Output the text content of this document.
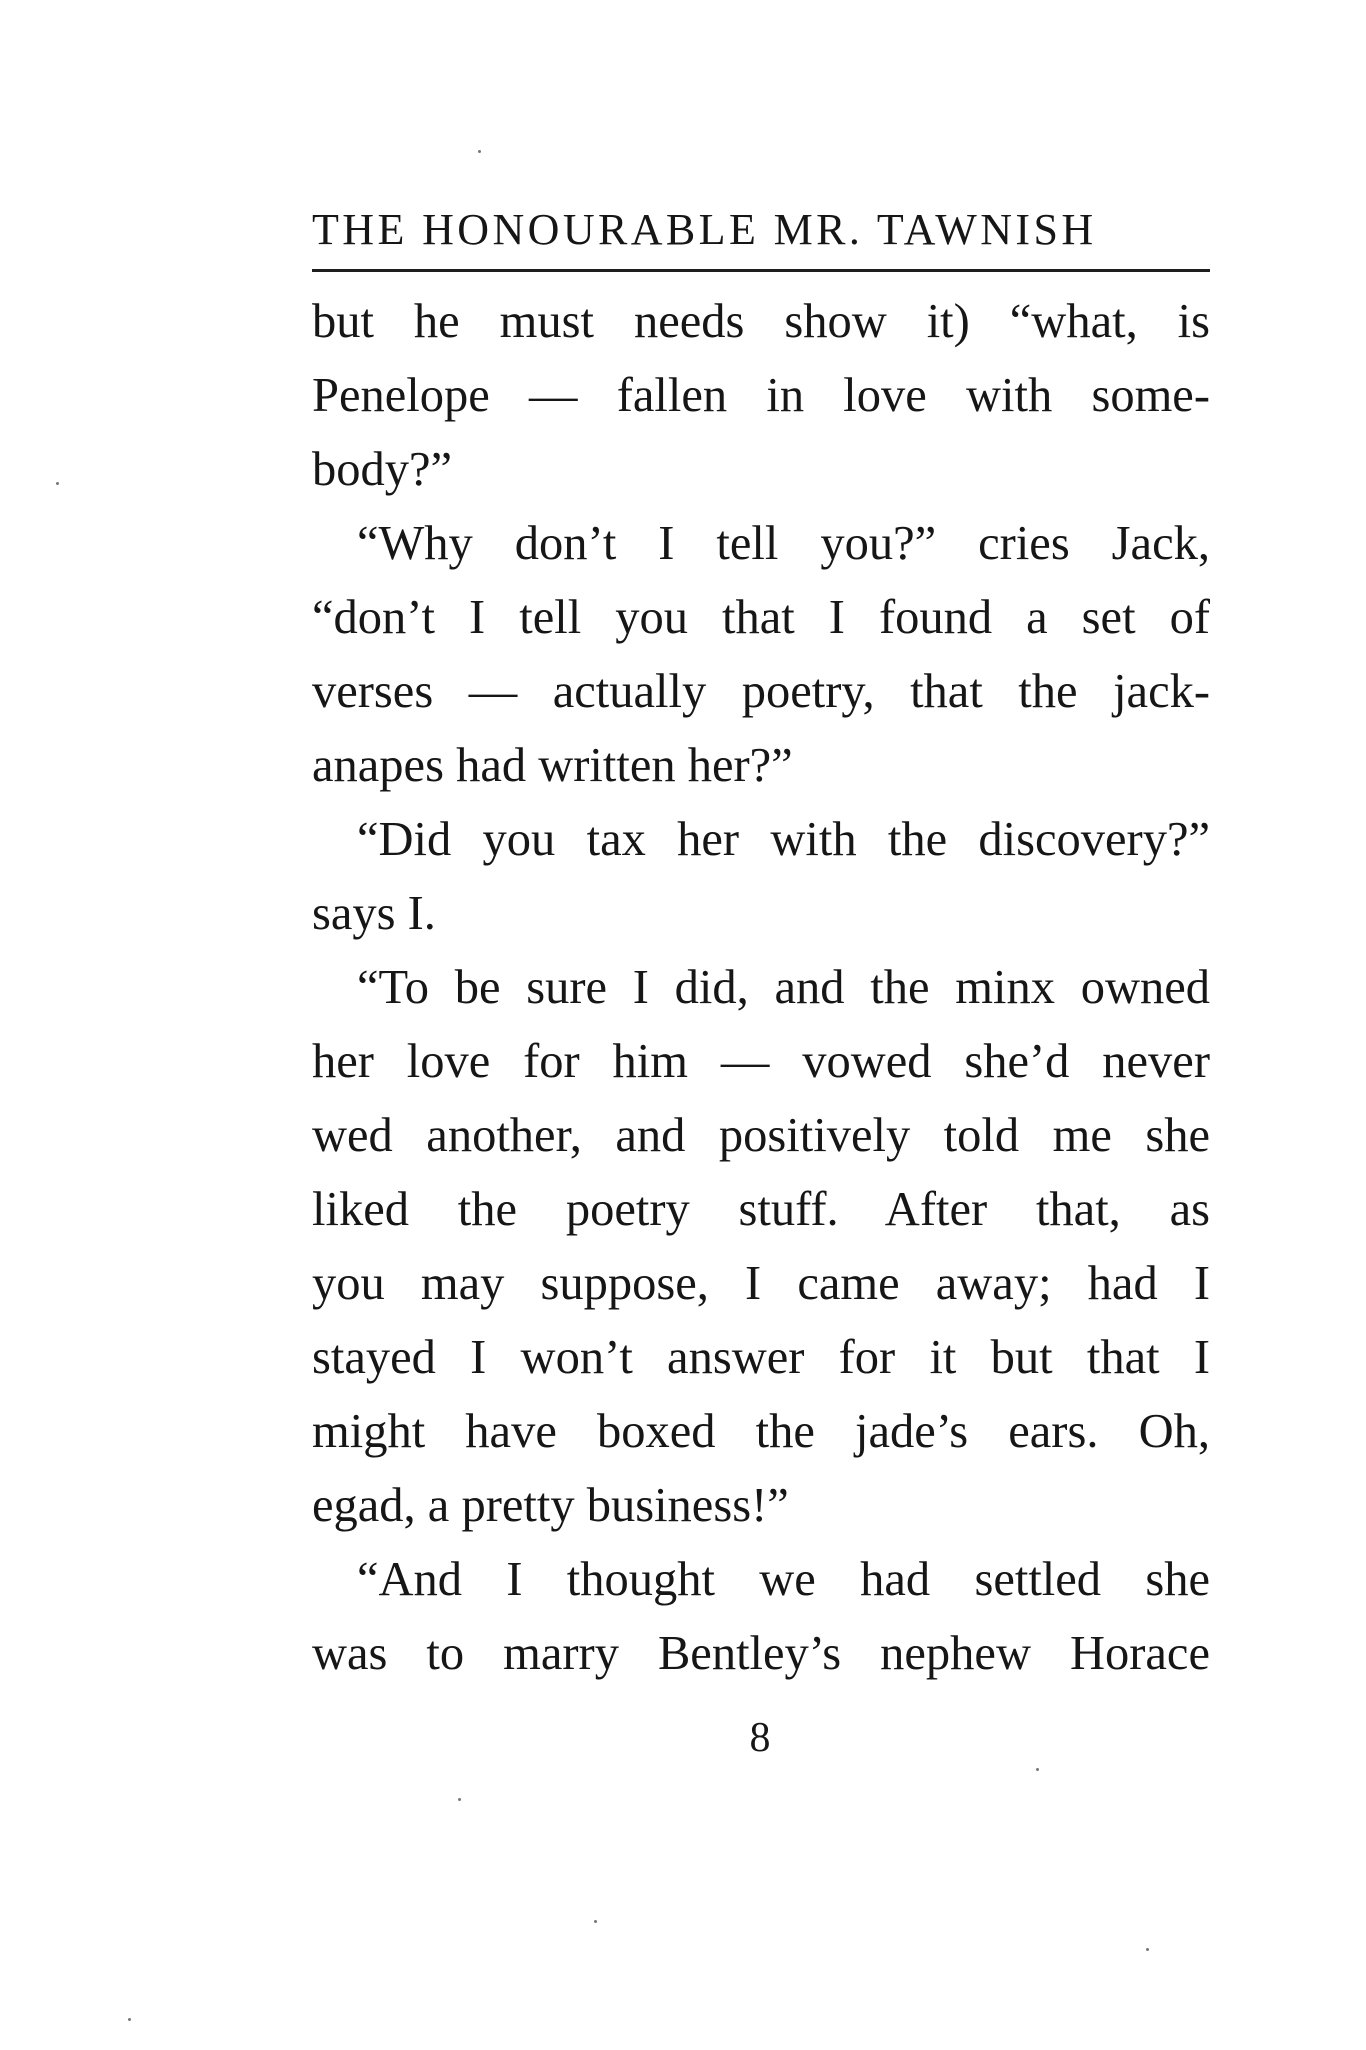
THE HONOURABLE MR. TAWNISH
but he must needs show it) “what, is
Penelope — fallen in love with some-
body?”
“Why don’t I tell you?” cries Jack,
“don’t I tell you that I found a set of
verses — actually poetry, that the jack-
anapes had written her?”
“Did you tax her with the discovery?”
says I.
“To be sure I did, and the minx owned
her love for him — vowed she’d never
wed another, and positively told me she
liked the poetry stuff. After that, as
you may suppose, I came away; had I
stayed I won’t answer for it but that I
might have boxed the jade’s ears. Oh,
egad, a pretty business!”
“And I thought we had settled she
was to marry Bentley’s nephew Horace
8
